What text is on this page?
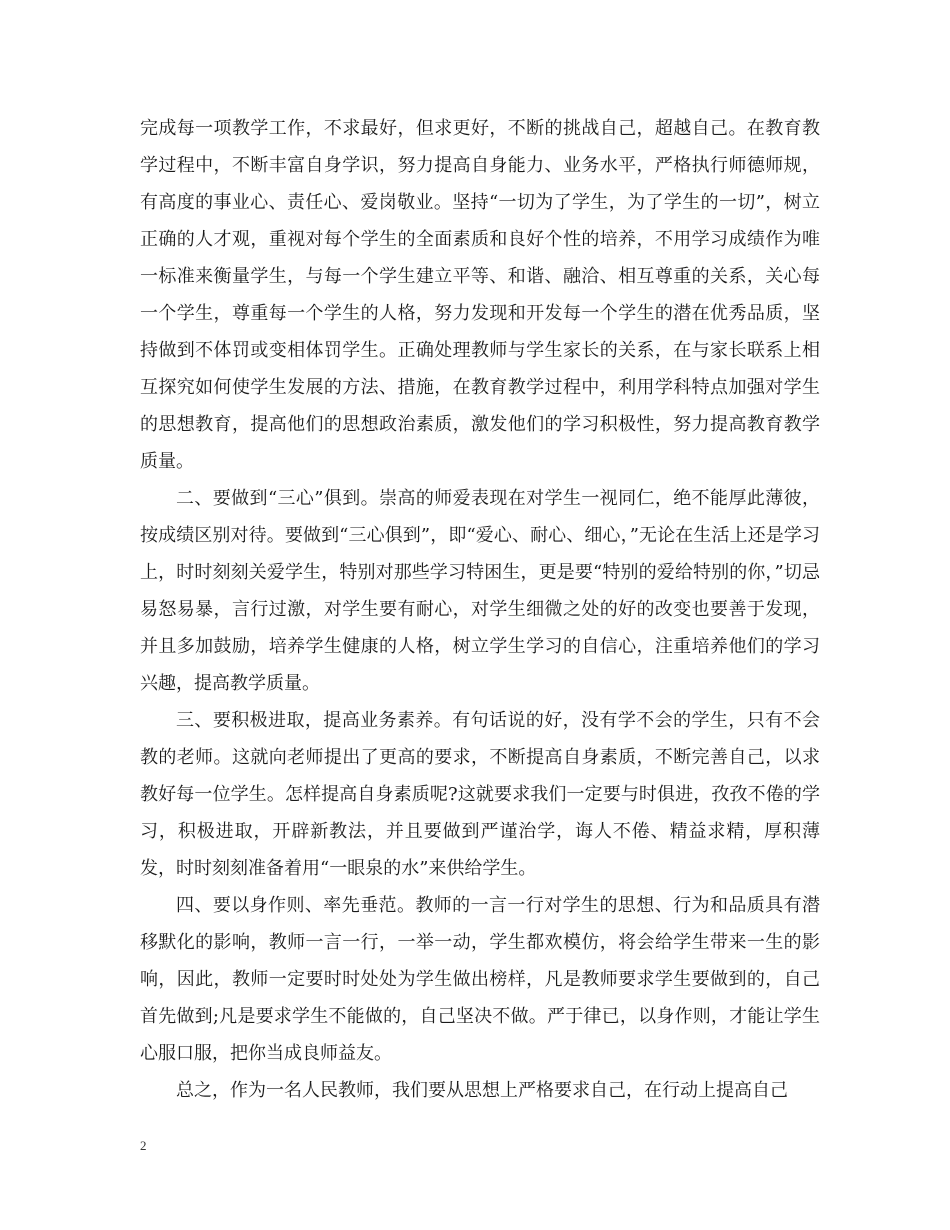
完成每一项教学工作，不求最好，但求更好，不断的挑战自己，超越自己。在教育教学过程中，不断丰富自身学识，努力提高自身能力、业务水平，严格执行师德师规，有高度的事业心、责任心、爱岗敬业。坚持“一切为了学生，为了学生的一切”，树立正确的人才观，重视对每个学生的全面素质和良好个性的培养，不用学习成绩作为唯一标准来衡量学生，与每一个学生建立平等、和谐、融洽、相互尊重的关系，关心每一个学生，尊重每一个学生的人格，努力发现和开发每一个学生的潜在优秀品质，坚持做到不体罚或变相体罚学生。正确处理教师与学生家长的关系，在与家长联系上相互探究如何使学生发展的方法、措施，在教育教学过程中，利用学科特点加强对学生的思想教育，提高他们的思想政治素质，激发他们的学习积极性，努力提高教育教学质量。

二、要做到“三心”俱到。崇高的师爱表现在对学生一视同仁，绝不能厚此薄彼，按成绩区别对待。要做到“三心俱到”，即“爱心、耐心、细心，”无论在生活上还是学习上，时时刻刻关爱学生，特别对那些学习特困生，更是要“特别的爱给特别的你，”切忌易怒易暴，言行过激，对学生要有耐心，对学生细微之处的好的改变也要善于发现，并且多加鼓励，培养学生健康的人格，树立学生学习的自信心，注重培养他们的学习兴趣，提高教学质量。

三、要积极进取，提高业务素养。有句话说的好，没有学不会的学生，只有不会教的老师。这就向老师提出了更高的要求，不断提高自身素质，不断完善自己，以求教好每一位学生。怎样提高自身素质呢?这就要求我们一定要与时俱进，孜孜不倦的学习，积极进取，开辟新教法，并且要做到严谨治学，诲人不倦、精益求精，厚积薄发，时时刻刻准备着用“一眼泉的水”来供给学生。

四、要以身作则、率先垂范。教师的一言一行对学生的思想、行为和品质具有潜移默化的影响，教师一言一行，一举一动，学生都欢模仿，将会给学生带来一生的影响，因此，教师一定要时时处处为学生做出榜样，凡是教师要求学生要做到的，自己首先做到;凡是要求学生不能做的，自己坚决不做。严于律已，以身作则，才能让学生心服口服，把你当成良师益友。

总之，作为一名人民教师，我们要从思想上严格要求自己，在行动上提高自己

2
